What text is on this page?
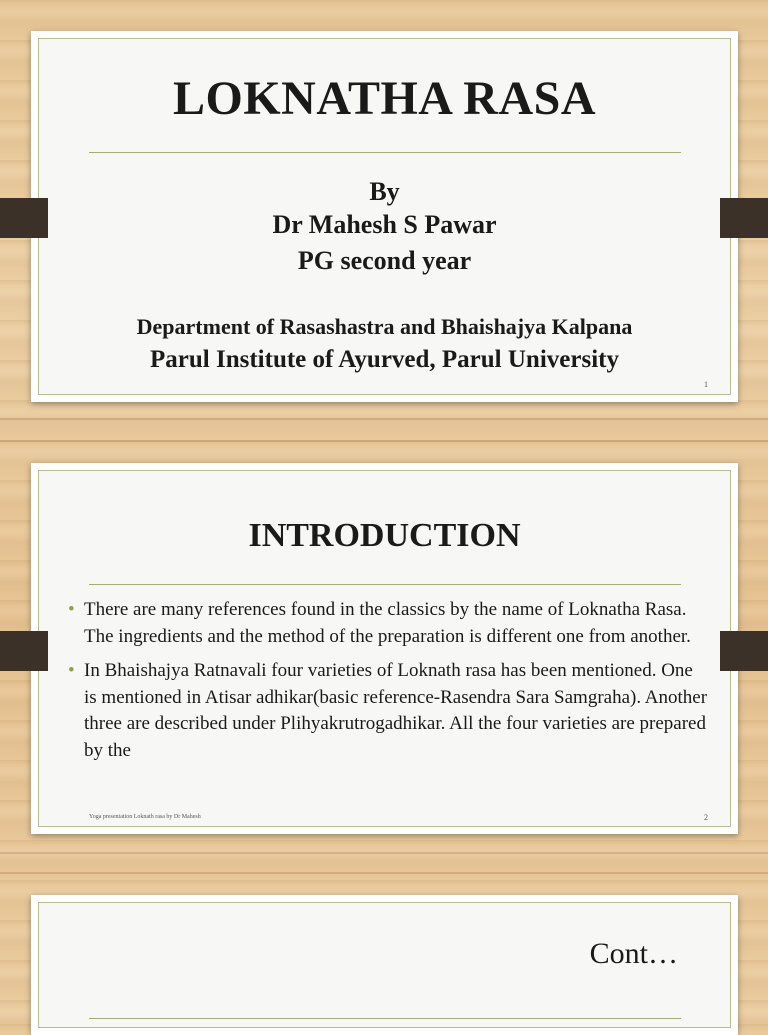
LOKNATHA RASA
By
Dr Mahesh S Pawar
PG second year
Department of Rasashastra and Bhaishajya Kalpana
Parul Institute of Ayurved, Parul University
1
INTRODUCTION
• There are many references found in the classics by the name of Loknatha Rasa. The ingredients and the method of the preparation is different one from another.
• In Bhaishajya Ratnavali four varieties of Loknath rasa has been mentioned. One is mentioned in Atisar adhikar(basic reference-Rasendra Sara Samgraha). Another three are described under Plihyakrutrogadhikar. All the four varieties are prepared by the
Yoga presentation Loknath rasa by Dr Mahesh	2
Cont…
